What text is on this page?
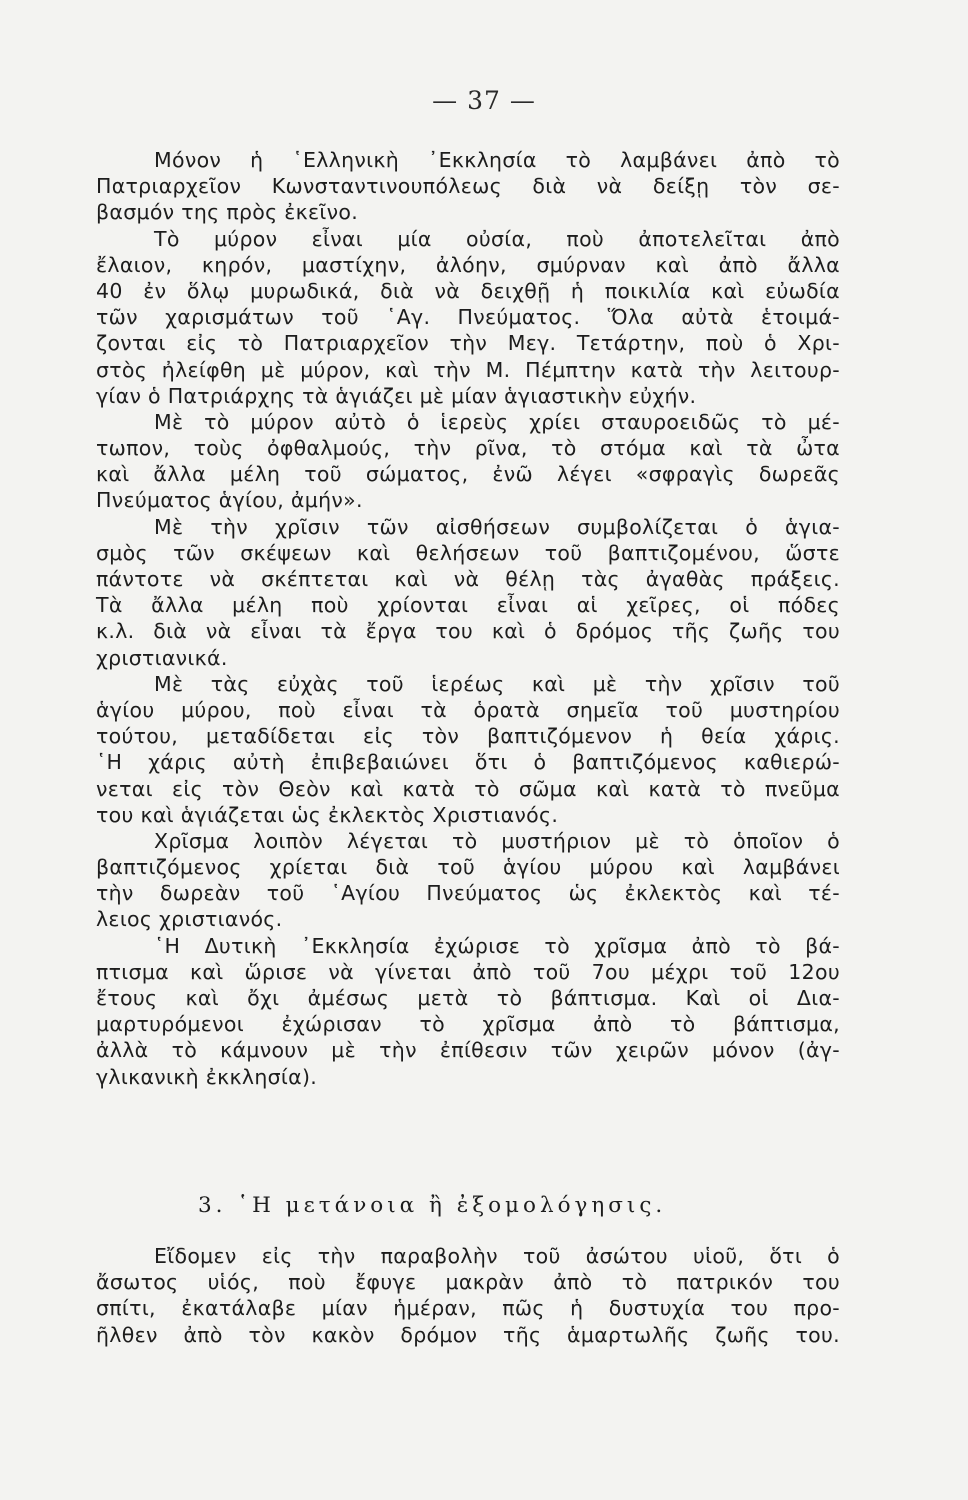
— 37 —
Μόνον ἡ ῾Ελληνικὴ ᾿Εκκλησία τὸ λαμβάνει ἀπὸ τὸ
Πατριαρχεῖον Κωνσταντινουπόλεως διὰ νὰ δείξῃ τὸν σε-
βασμόν της πρὸς ἐκεῖνο.
Τὸ μύρον εἶναι μία οὐσία, ποὺ ἀποτελεῖται ἀπὸ
ἔλαιον, κηρόν, μαστίχην, ἀλόην, σμύρναν καὶ ἀπὸ ἄλλα
40 ἐν ὅλῳ μυρωδικά, διὰ νὰ δειχθῇ ἡ ποικιλία καὶ εὐωδία
τῶν χαρισμάτων τοῦ ῾Αγ. Πνεύματος. Ὅλα αὐτὰ ἑτοιμά-
ζονται εἰς τὸ Πατριαρχεῖον τὴν Μεγ. Τετάρτην, ποὺ ὁ Χρι-
στὸς ἠλείφθη μὲ μύρον, καὶ τὴν Μ. Πέμπτην κατὰ τὴν λειτουρ-
γίαν ὁ Πατριάρχης τὰ ἁγιάζει μὲ μίαν ἁγιαστικὴν εὐχήν.
Μὲ τὸ μύρον αὐτὸ ὁ ἱερεὺς χρίει σταυροειδῶς τὸ μέ-
τωπον, τοὺς ὀφθαλμούς, τὴν ρῖνα, τὸ στόμα καὶ τὰ ὦτα
καὶ ἄλλα μέλη τοῦ σώματος, ἐνῶ λέγει «σφραγὶς δωρεᾶς
Πνεύματος ἁγίου, ἀμήν».
Μὲ τὴν χρῖσιν τῶν αἰσθήσεων συμβολίζεται ὁ ἁγια-
σμὸς τῶν σκέψεων καὶ θελήσεων τοῦ βαπτιζομένου, ὥστε
πάντοτε νὰ σκέπτεται καὶ νὰ θέλῃ τὰς ἀγαθὰς πράξεις.
Τὰ ἄλλα μέλη ποὺ χρίονται εἶναι αἱ χεῖρες, οἱ πόδες
κ.λ. διὰ νὰ εἶναι τὰ ἔργα του καὶ ὁ δρόμος τῆς ζωῆς του
χριστιανικά.
Μὲ τὰς εὐχὰς τοῦ ἱερέως καὶ μὲ τὴν χρῖσιν τοῦ
ἁγίου μύρου, ποὺ εἶναι τὰ ὁρατὰ σημεῖα τοῦ μυστηρίου
τούτου, μεταδίδεται εἰς τὸν βαπτιζόμενον ἡ θεία χάρις.
῾Η χάρις αὐτὴ ἐπιβεβαιώνει ὅτι ὁ βαπτιζόμενος καθιερώ-
νεται εἰς τὸν Θεὸν καὶ κατὰ τὸ σῶμα καὶ κατὰ τὸ πνεῦμα
του καὶ ἁγιάζεται ὡς ἐκλεκτὸς Χριστιανός.
Χρῖσμα λοιπὸν λέγεται τὸ μυστήριον μὲ τὸ ὁποῖον ὁ
βαπτιζόμενος χρίεται διὰ τοῦ ἁγίου μύρου καὶ λαμβάνει
τὴν δωρεὰν τοῦ ῾Αγίου Πνεύματος ὡς ἐκλεκτὸς καὶ τέ-
λειος χριστιανός.
῾Η Δυτικὴ ᾿Εκκλησία ἐχώρισε τὸ χρῖσμα ἀπὸ τὸ βά-
πτισμα καὶ ὥρισε νὰ γίνεται ἀπὸ τοῦ 7ου μέχρι τοῦ 12ου
ἔτους καὶ ὄχι ἀμέσως μετὰ τὸ βάπτισμα. Καὶ οἱ Δια-
μαρτυρόμενοι ἐχώρισαν τὸ χρῖσμα ἀπὸ τὸ βάπτισμα,
ἀλλὰ τὸ κάμνουν μὲ τὴν ἐπίθεσιν τῶν χειρῶν μόνον (ἀγ-
γλικανικὴ ἐκκλησία).
3. ῾Η μετάνοια ἢ ἐξομολόγησις.
Εἴδομεν εἰς τὴν παραβολὴν τοῦ ἀσώτου υἱοῦ, ὅτι ὁ
ἄσωτος υἱός, ποὺ ἔφυγε μακρὰν ἀπὸ τὸ πατρικόν του
σπίτι, ἐκατάλαβε μίαν ἡμέραν, πῶς ἡ δυστυχία του προ-
ῆλθεν ἀπὸ τὸν κακὸν δρόμον τῆς ἁμαρτωλῆς ζωῆς του.
